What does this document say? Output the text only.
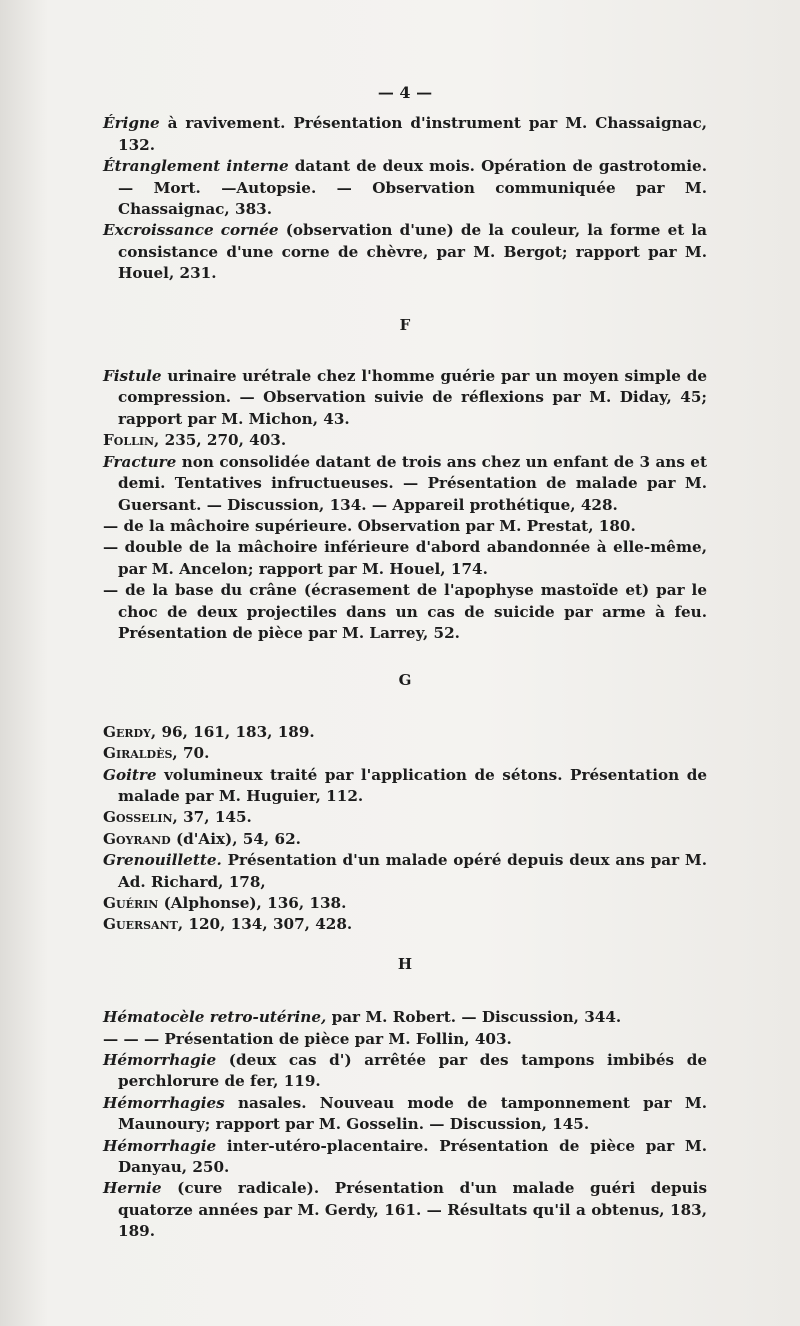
— 4 —
Érigne à ravivement. Présentation d'instrument par M. Chassaignac, 132.
Étranglement interne datant de deux mois. Opération de gastrotomie. — Mort. —Autopsie. — Observation communiquée par M. Chassaignac, 383.
Excroissance cornée (observation d'une) de la couleur, la forme et la consistance d'une corne de chèvre, par M. Bergot; rapport par M. Houel, 231.
F
Fistule urinaire urétrale chez l'homme guérie par un moyen simple de compression. — Observation suivie de réflexions par M. Diday, 45; rapport par M. Michon, 43.
Follin, 235, 270, 403.
Fracture non consolidée datant de trois ans chez un enfant de 3 ans et demi. Tentatives infructueuses. — Présentation de malade par M. Guersant. — Discussion, 134. — Appareil prothétique, 428.
— de la mâchoire supérieure. Observation par M. Prestat, 180.
— double de la mâchoire inférieure d'abord abandonnée à elle-même, par M. Ancelon; rapport par M. Houel, 174.
— de la base du crâne (écrasement de l'apophyse mastoïde et) par le choc de deux projectiles dans un cas de suicide par arme à feu. Présentation de pièce par M. Larrey, 52.
G
Gerdy, 96, 161, 183, 189.
Giraldès, 70.
Goitre volumineux traité par l'application de sétons. Présentation de malade par M. Huguier, 112.
Gosselin, 37, 145.
Goyrand (d'Aix), 54, 62.
Grenouillette. Présentation d'un malade opéré depuis deux ans par M. Ad. Richard, 178,
Guérin (Alphonse), 136, 138.
Guersant, 120, 134, 307, 428.
H
Hématocèle retro-utérine, par M. Robert. — Discussion, 344.
— — — Présentation de pièce par M. Follin, 403.
Hémorrhagie (deux cas d') arrêtée par des tampons imbibés de perchlorure de fer, 119.
Hémorrhagies nasales. Nouveau mode de tamponnement par M. Maunoury; rapport par M. Gosselin. — Discussion, 145.
Hémorrhagie inter-utéro-placentaire. Présentation de pièce par M. Danyau, 250.
Hernie (cure radicale). Présentation d'un malade guéri depuis quatorze années par M. Gerdy, 161. — Résultats qu'il a obtenus, 183, 189.
